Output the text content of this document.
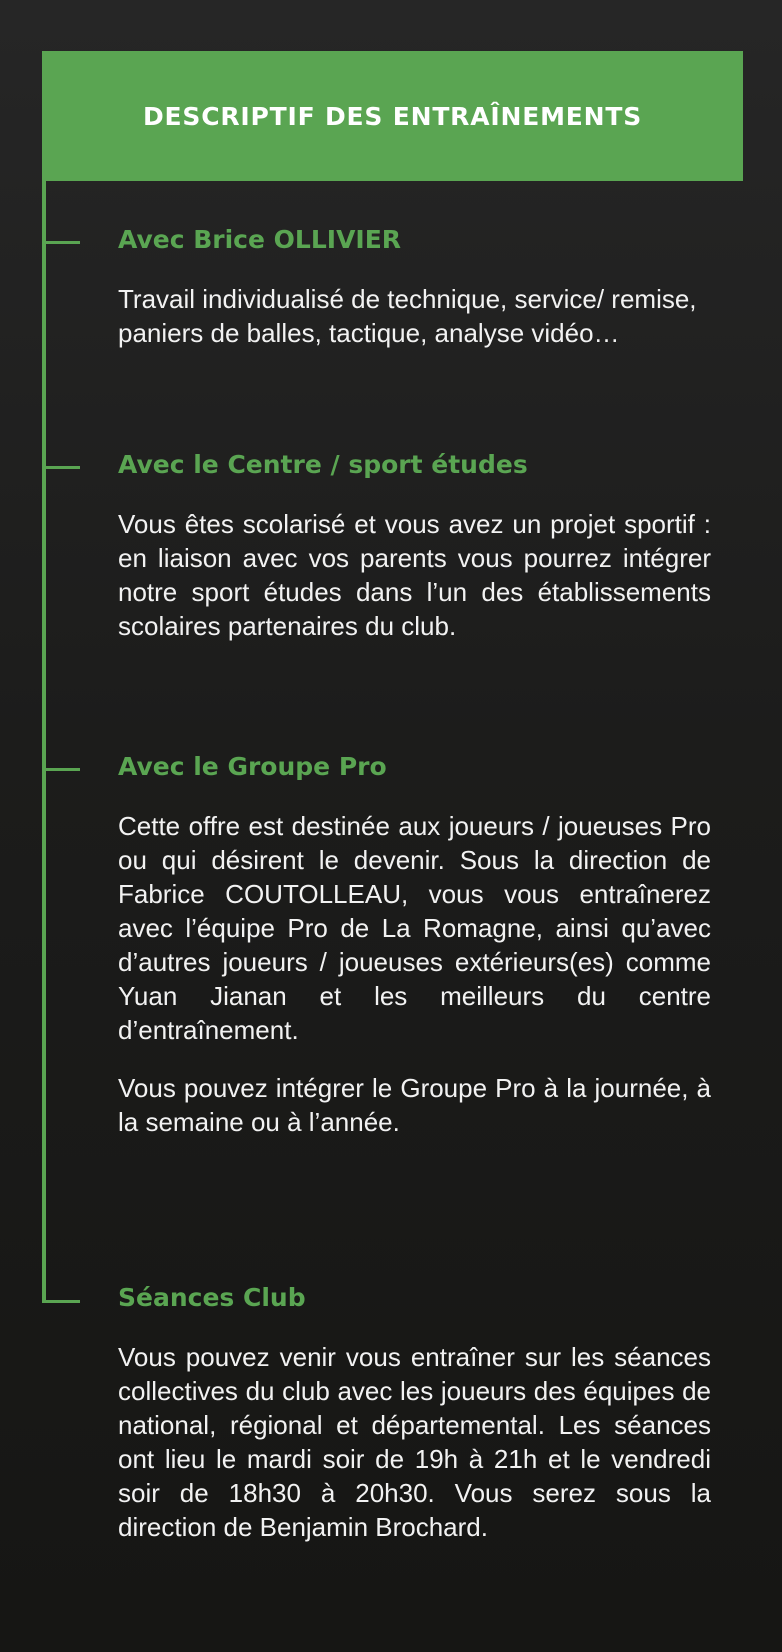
DESCRIPTIF DES ENTRAÎNEMENTS
Avec Brice OLLIVIER

Travail individualisé de technique, service/ remise, paniers de balles, tactique, analyse vidéo…

Avec le Centre / sport études

Vous êtes scolarisé et vous avez un projet sportif : en liaison avec vos parents vous pourrez intégrer notre sport études dans l’un des établissements scolaires partenaires du club.

Avec le Groupe Pro

Cette offre est destinée aux joueurs / joueuses Pro ou qui désirent le devenir. Sous la direction de Fabrice COUTOLLEAU, vous vous entraînerez avec l’équipe Pro de La Romagne, ainsi qu’avec d’autres joueurs / joueuses extérieurs(es) comme Yuan Jianan et les meilleurs du centre d’entraînement.

Vous pouvez intégrer le Groupe Pro à la journée, à la semaine ou à l’année.

Séances Club

Vous pouvez venir vous entraîner sur les séances collectives du club avec les joueurs des équipes de national, régional et départemental. Les séances ont lieu le mardi soir de 19h à 21h et le vendredi soir de 18h30 à 20h30. Vous serez sous la direction de Benjamin Brochard.
